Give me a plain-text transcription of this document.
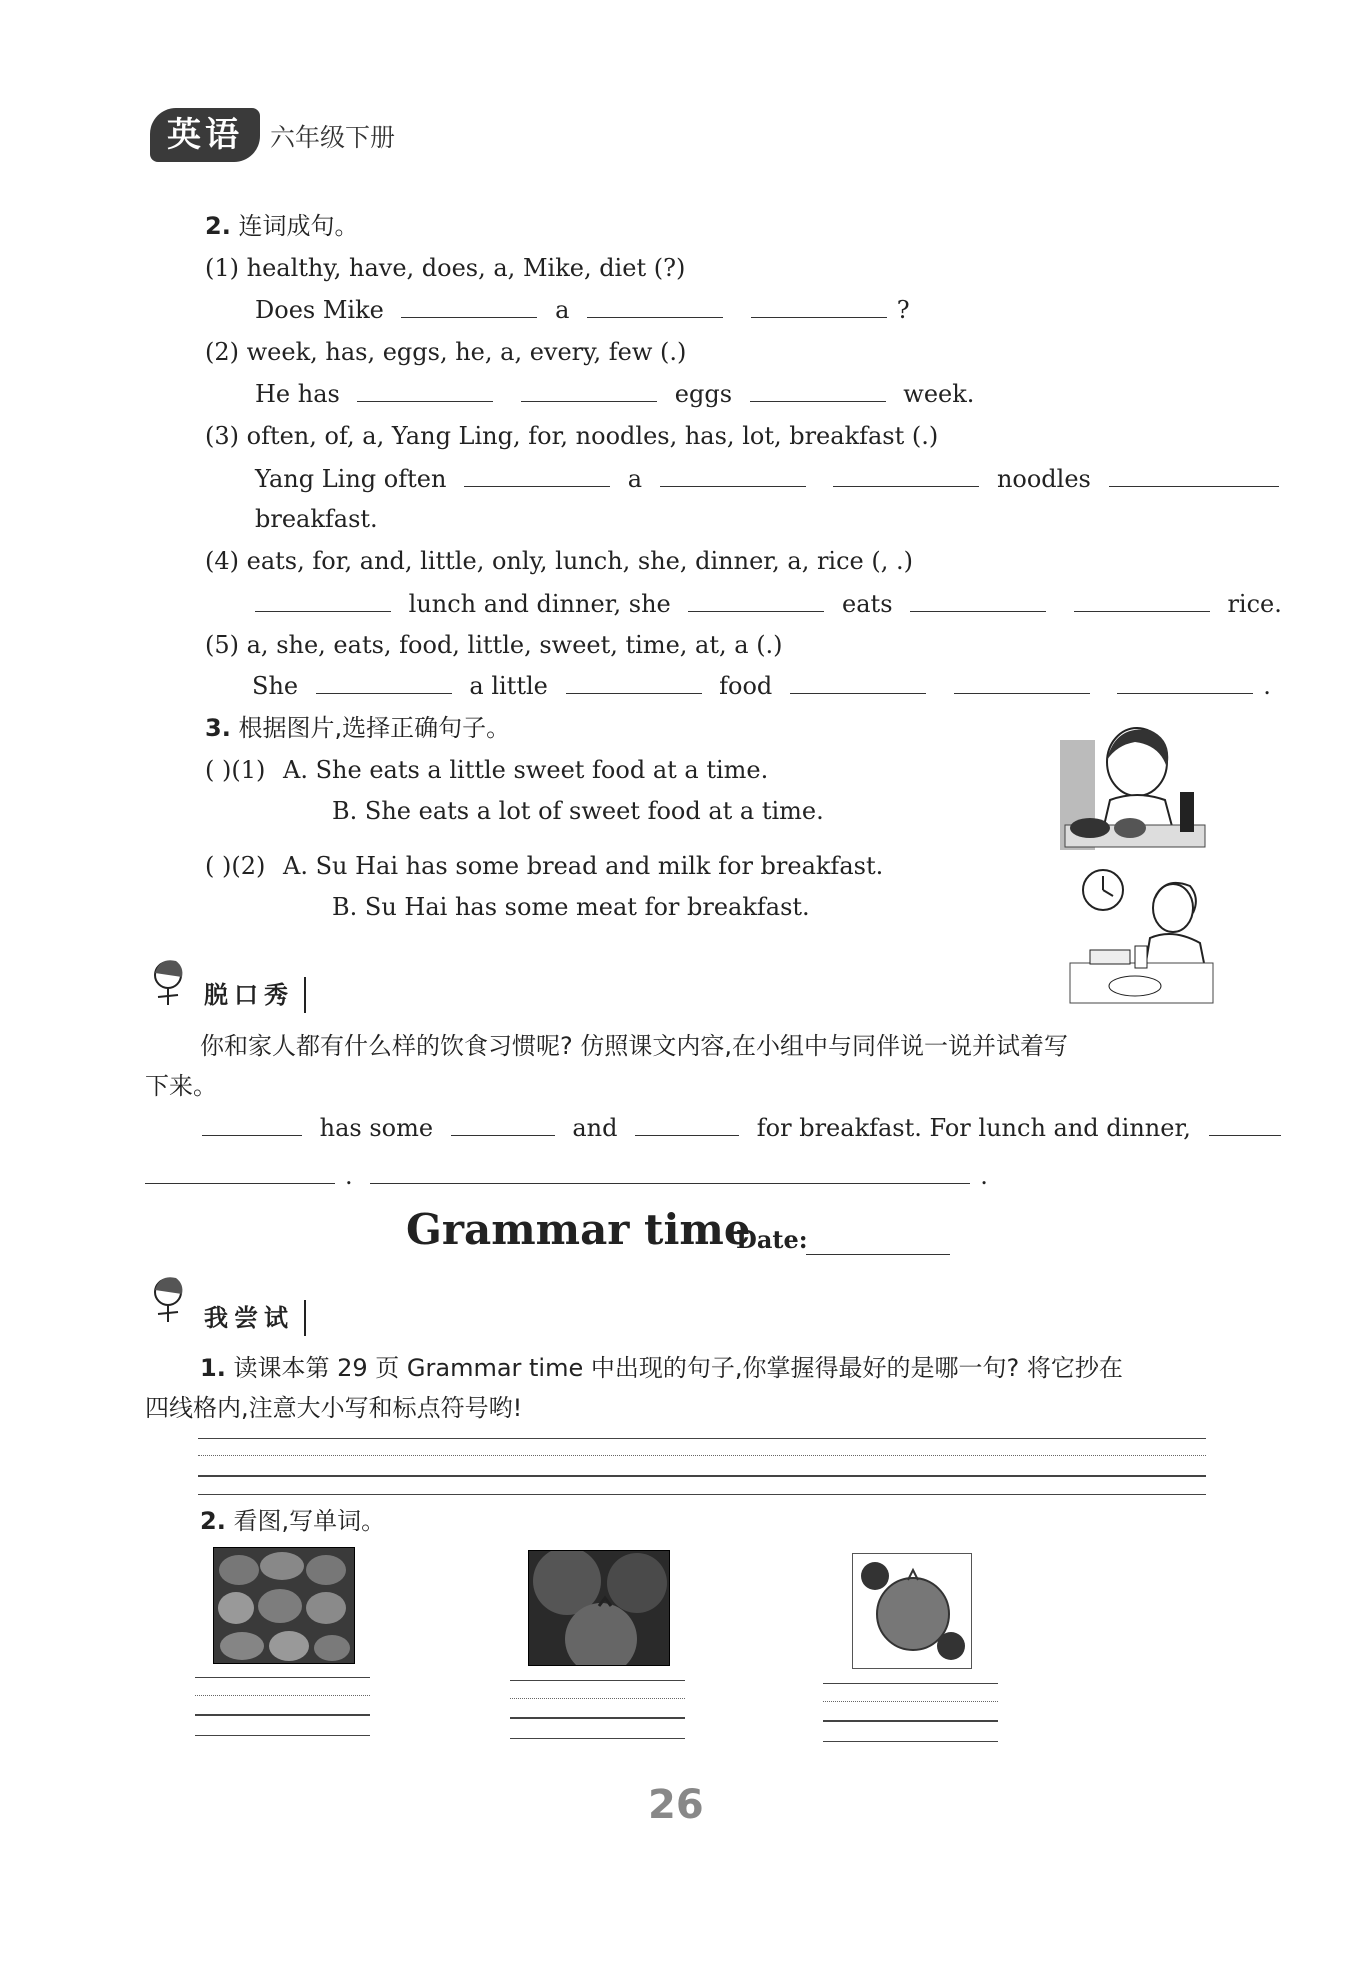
英语	六年级下册
2. 连词成句。
(1) healthy, have, does, a, Mike, diet (?)
Does Mike	a	?
(2) week, has, eggs, he, a, every, few (.)
He has	eggs	week.
(3) often, of, a, Yang Ling, for, noodles, has, lot, breakfast (.)
Yang Ling often	a	noodles
breakfast.
(4) eats, for, and, little, only, lunch, she, dinner, a, rice (, .)
lunch and dinner, she	eats	rice.
(5) a, she, eats, food, little, sweet, time, at, a (.)
She	a little	food	.
3. 根据图片,选择正确句子。
( )(1) A. She eats a little sweet food at a time.
B. She eats a lot of sweet food at a time.
( )(2) A. Su Hai has some bread and milk for breakfast.
B. Su Hai has some meat for breakfast.
脱口秀
你和家人都有什么样的饮食习惯呢? 仿照课文内容,在小组中与同伴说一说并试着写
下来。
has some	and	for breakfast. For lunch and dinner,
.	.
Grammar time
Date:
我尝试
1. 读课本第 29 页 Grammar time 中出现的句子,你掌握得最好的是哪一句? 将它抄在
四线格内,注意大小写和标点符号哟!
2. 看图,写单词。
26
